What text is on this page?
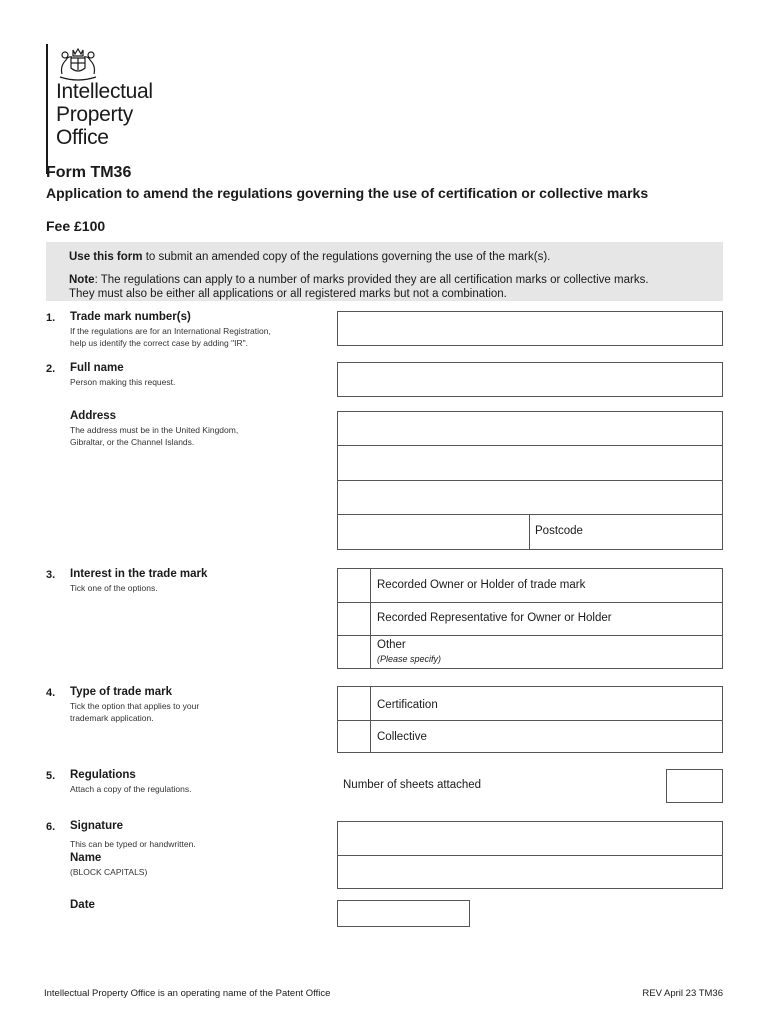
Intellectual
Property
Office
Form TM36
Application to amend the regulations governing the use of certification or collective marks
Fee £100

Use this form to submit an amended copy of the regulations governing the use of the mark(s).

Note: The regulations can apply to a number of marks provided they are all certification marks or collective marks.

They must also be either all applications or all registered marks but not a combination.

1. Trade mark number(s)
If the regulations are for an International Registration,
help us identify the correct case by adding "IR".
2. Full name
Person making this request.
Address
The address must be in the United Kingdom,
Gibraltar, or the Channel Islands.
Postcode
3. Interest in the trade mark
Tick one of the options.	Recorded Owner or Holder of trade mark
Recorded Representative for Owner or Holder
Other
(Please specify)
4. Type of trade mark
Tick the option that applies to your
trademark application.
Certification
Collective
5. Regulations
Attach a copy of the regulations.	Number of sheets attached
6. Signature
This can be typed or handwritten.
Name
(BLOCK CAPITALS)
Date
Intellectual Property Office is an operating name of the Patent Office	REV April 23 TM36
